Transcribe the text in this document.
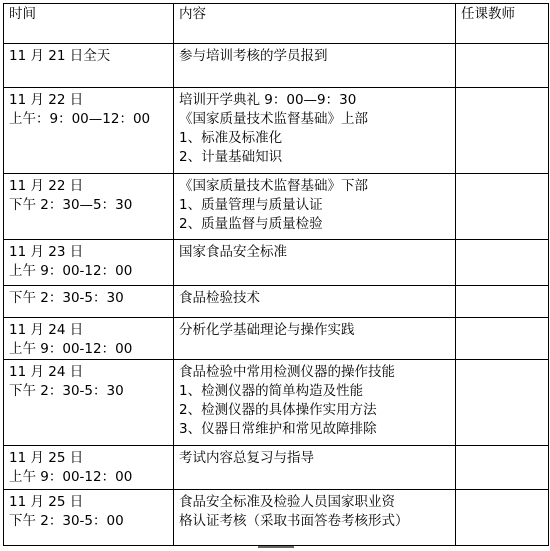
时间	内容	任课教师

11 月 21 日全天	参与培训考核的学员报到	

11 月 22 日
上午：9：00—12：00	培训开学典礼 9：00—9：30
《国家质量技术监督基础》上部
1、标准及标准化
2、计量基础知识	

11 月 22 日
下午 2：30—5：30	《国家质量技术监督基础》下部
1、质量管理与质量认证
2、质量监督与质量检验	

11 月 23 日
上午 9：00-12：00	国家食品安全标准	

下午 2：30-5：30	食品检验技术	

11 月 24 日
上午 9：00-12：00	分析化学基础理论与操作实践	

11 月 24 日
下午 2：30-5：30	食品检验中常用检测仪器的操作技能
1、检测仪器的简单构造及性能
2、检测仪器的具体操作实用方法
3、仪器日常维护和常见故障排除	

11 月 25 日
上午 9：00-12：00	考试内容总复习与指导	

11 月 25 日
下午 2：30-5：00	食品安全标准及检验人员国家职业资
格认证考核（采取书面答卷考核形式）	
